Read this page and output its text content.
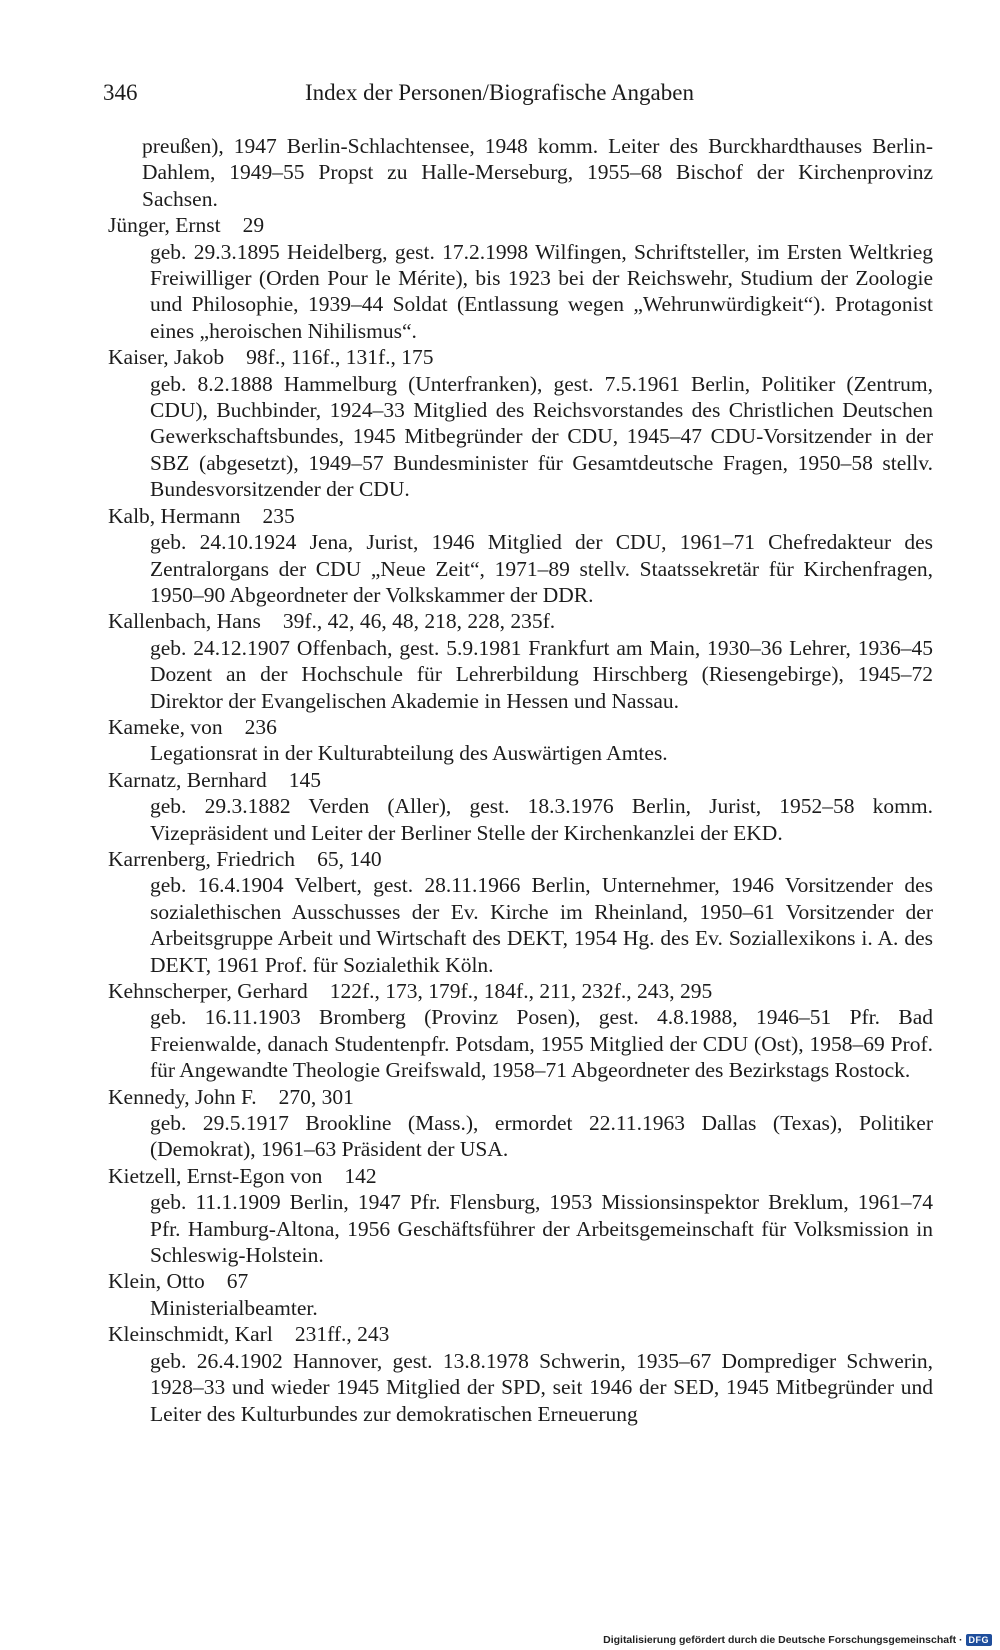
346	Index der Personen/Biografische Angaben

preußen), 1947 Berlin-Schlachtensee, 1948 komm. Leiter des Burckhardthauses Berlin-Dahlem, 1949–55 Propst zu Halle-Merseburg, 1955–68 Bischof der Kirchenprovinz Sachsen.

Jünger, Ernst 29

geb. 29.3.1895 Heidelberg, gest. 17.2.1998 Wilfingen, Schriftsteller, im Ersten Weltkrieg Freiwilliger (Orden Pour le Mérite), bis 1923 bei der Reichswehr, Studium der Zoologie und Philosophie, 1939–44 Soldat (Entlassung wegen „Wehrunwürdigkeit“). Protagonist eines „heroischen Nihilismus“.

Kaiser, Jakob 98f., 116f., 131f., 175

geb. 8.2.1888 Hammelburg (Unterfranken), gest. 7.5.1961 Berlin, Politiker (Zentrum, CDU), Buchbinder, 1924–33 Mitglied des Reichsvorstandes des Christlichen Deutschen Gewerkschaftsbundes, 1945 Mitbegründer der CDU, 1945–47 CDU-Vorsitzender in der SBZ (abgesetzt), 1949–57 Bundesminister für Gesamtdeutsche Fragen, 1950–58 stellv. Bundesvorsitzender der CDU.

Kalb, Hermann 235

geb. 24.10.1924 Jena, Jurist, 1946 Mitglied der CDU, 1961–71 Chefredakteur des Zentralorgans der CDU „Neue Zeit“, 1971–89 stellv. Staatssekretär für Kirchenfragen, 1950–90 Abgeordneter der Volkskammer der DDR.

Kallenbach, Hans 39f., 42, 46, 48, 218, 228, 235f.

geb. 24.12.1907 Offenbach, gest. 5.9.1981 Frankfurt am Main, 1930–36 Lehrer, 1936–45 Dozent an der Hochschule für Lehrerbildung Hirschberg (Riesengebirge), 1945–72 Direktor der Evangelischen Akademie in Hessen und Nassau.

Kameke, von 236

Legationsrat in der Kulturabteilung des Auswärtigen Amtes.

Karnatz, Bernhard 145

geb. 29.3.1882 Verden (Aller), gest. 18.3.1976 Berlin, Jurist, 1952–58 komm. Vizepräsident und Leiter der Berliner Stelle der Kirchenkanzlei der EKD.

Karrenberg, Friedrich 65, 140

geb. 16.4.1904 Velbert, gest. 28.11.1966 Berlin, Unternehmer, 1946 Vorsitzender des sozialethischen Ausschusses der Ev. Kirche im Rheinland, 1950–61 Vorsitzender der Arbeitsgruppe Arbeit und Wirtschaft des DEKT, 1954 Hg. des Ev. Soziallexikons i. A. des DEKT, 1961 Prof. für Sozialethik Köln.

Kehnscherper, Gerhard 122f., 173, 179f., 184f., 211, 232f., 243, 295

geb. 16.11.1903 Bromberg (Provinz Posen), gest. 4.8.1988, 1946–51 Pfr. Bad Freienwalde, danach Studentenpfr. Potsdam, 1955 Mitglied der CDU (Ost), 1958–69 Prof. für Angewandte Theologie Greifswald, 1958–71 Abgeordneter des Bezirkstags Rostock.

Kennedy, John F. 270, 301

geb. 29.5.1917 Brookline (Mass.), ermordet 22.11.1963 Dallas (Texas), Politiker (Demokrat), 1961–63 Präsident der USA.

Kietzell, Ernst-Egon von 142

geb. 11.1.1909 Berlin, 1947 Pfr. Flensburg, 1953 Missionsinspektor Breklum, 1961–74 Pfr. Hamburg-Altona, 1956 Geschäftsführer der Arbeitsgemeinschaft für Volksmission in Schleswig-Holstein.

Klein, Otto 67

Ministerialbeamter.

Kleinschmidt, Karl 231ff., 243

geb. 26.4.1902 Hannover, gest. 13.8.1978 Schwerin, 1935–67 Domprediger Schwerin, 1928–33 und wieder 1945 Mitglied der SPD, seit 1946 der SED, 1945 Mitbegründer und Leiter des Kulturbundes zur demokratischen Erneuerung

Digitalisierung gefördert durch die Deutsche Forschungsgemeinschaft · DFG
